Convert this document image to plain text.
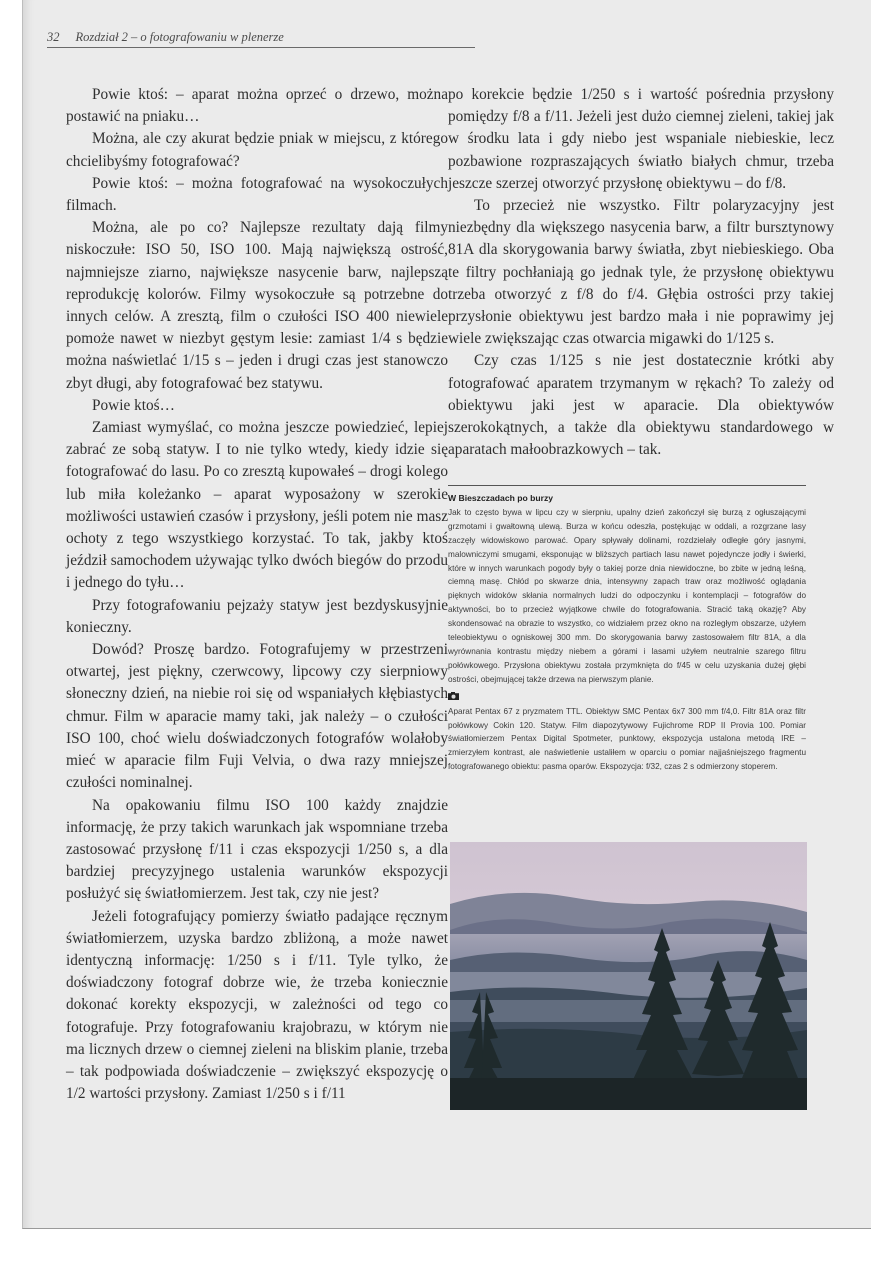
32 Rozdział 2 – o fotografowaniu w plenerze

Powie ktoś: – aparat można oprzeć o drzewo, można postawić na pniaku…

Można, ale czy akurat będzie pniak w miejscu, z którego chcielibyśmy fotografować?

Powie ktoś: – można fotografować na wysokoczułych filmach.

Można, ale po co? Najlepsze rezultaty dają filmy niskoczułe: ISO 50, ISO 100. Mają największą ostrość, najmniejsze ziarno, największe nasycenie barw, najlepszą reprodukcję kolorów. Filmy wysokoczułe są potrzebne do innych celów. A zresztą, film o czułości ISO 400 niewiele pomoże nawet w niezbyt gęstym lesie: zamiast 1/4 s będzie można naświetlać 1/15 s – jeden i drugi czas jest stanowczo zbyt długi, aby fotografować bez statywu.

Powie ktoś…

Zamiast wymyślać, co można jeszcze powiedzieć, lepiej zabrać ze sobą statyw. I to nie tylko wtedy, kiedy idzie się fotografować do lasu. Po co zresztą kupowałeś – drogi kolego lub miła koleżanko – aparat wyposażony w szerokie możliwości ustawień czasów i przysłony, jeśli potem nie masz ochoty z tego wszystkiego korzystać. To tak, jakby ktoś jeździł samochodem używając tylko dwóch biegów do przodu i jednego do tyłu…

Przy fotografowaniu pejzaży statyw jest bezdyskusyjnie konieczny.

Dowód? Proszę bardzo. Fotografujemy w przestrzeni otwartej, jest piękny, czerwcowy, lipcowy czy sierpniowy słoneczny dzień, na niebie roi się od wspaniałych kłębiastych chmur. Film w aparacie mamy taki, jak należy – o czułości ISO 100, choć wielu doświadczonych fotografów wolałoby mieć w aparacie film Fuji Velvia, o dwa razy mniejszej czułości nominalnej.

Na opakowaniu filmu ISO 100 każdy znajdzie informację, że przy takich warunkach jak wspomniane trzeba zastosować przysłonę f/11 i czas ekspozycji 1/250 s, a dla bardziej precyzyjnego ustalenia warunków ekspozycji posłużyć się światłomierzem. Jest tak, czy nie jest?

Jeżeli fotografujący pomierzy światło padające ręcznym światłomierzem, uzyska bardzo zbliżoną, a może nawet identyczną informację: 1/250 s i f/11. Tyle tylko, że doświadczony fotograf dobrze wie, że trzeba koniecznie dokonać korekty ekspozycji, w zależności od tego co fotografuje. Przy fotografowaniu krajobrazu, w którym nie ma licznych drzew o ciemnej zieleni na bliskim planie, trzeba – tak podpowiada doświadczenie – zwiększyć ekspozycję o 1/2 wartości przysłony. Zamiast 1/250 s i f/11

po korekcie będzie 1/250 s i wartość pośrednia przysłony pomiędzy f/8 a f/11. Jeżeli jest dużo ciemnej zieleni, takiej jak w środku lata i gdy niebo jest wspaniale niebieskie, lecz pozbawione rozpraszających światło białych chmur, trzeba jeszcze szerzej otworzyć przysłonę obiektywu – do f/8.

To przecież nie wszystko. Filtr polaryzacyjny jest niezbędny dla większego nasycenia barw, a filtr bursztynowy 81A dla skorygowania barwy światła, zbyt niebieskiego. Oba te filtry pochłaniają go jednak tyle, że przysłonę obiektywu trzeba otworzyć z f/8 do f/4. Głębia ostrości przy takiej przysłonie obiektywu jest bardzo mała i nie poprawimy jej wiele zwiększając czas otwarcia migawki do 1/125 s.

Czy czas 1/125 s nie jest dostatecznie krótki aby fotografować aparatem trzymanym w rękach? To zależy od obiektywu jaki jest w aparacie. Dla obiektywów szerokokątnych, a także dla obiektywu standardowego w aparatach małoobrazkowych – tak.

W Bieszczadach po burzy

Jak to często bywa w lipcu czy w sierpniu, upalny dzień zakończył się burzą z ogłuszającymi grzmotami i gwałtowną ulewą. Burza w końcu odeszła, postękując w oddali, a rozgrzane lasy zaczęły widowiskowo parować. Opary spływały dolinami, rozdzielały odległe góry jasnymi, malowniczymi smugami, eksponując w bliższych partiach lasu nawet pojedyncze jodły i świerki, które w innych warunkach pogody były o takiej porze dnia niewidoczne, bo zbite w jedną leśną, ciemną masę. Chłód po skwarze dnia, intensywny zapach traw oraz możliwość oglądania pięknych widoków skłania normalnych ludzi do odpoczynku i kontemplacji – fotografów do aktywności, bo to przecież wyjątkowe chwile do fotografowania. Stracić taką okazję? Aby skondensować na obrazie to wszystko, co widziałem przez okno na rozległym obszarze, użyłem teleobiektywu o ogniskowej 300 mm. Do skorygowania barwy zastosowałem filtr 81A, a dla wyrównania kontrastu między niebem a górami i lasami użyłem neutralnie szarego filtru połówkowego. Przysłona obiektywu została przymknięta do f/45 w celu uzyskania dużej głębi ostrości, obejmującej także drzewa na pierwszym planie.

Aparat Pentax 67 z pryzmatem TTL. Obiektyw SMC Pentax 6x7 300 mm f/4,0. Filtr 81A oraz filtr połówkowy Cokin 120. Statyw. Film diapozytywowy Fujichrome RDP II Provia 100. Pomiar światłomierzem Pentax Digital Spotmeter, punktowy, ekspozycja ustalona metodą IRE – zmierzyłem kontrast, ale naświetlenie ustaliłem w oparciu o pomiar najjaśniejszego fragmentu fotografowanego obiektu: pasma oparów. Ekspozycja: f/32, czas 2 s odmierzony stoperem.
